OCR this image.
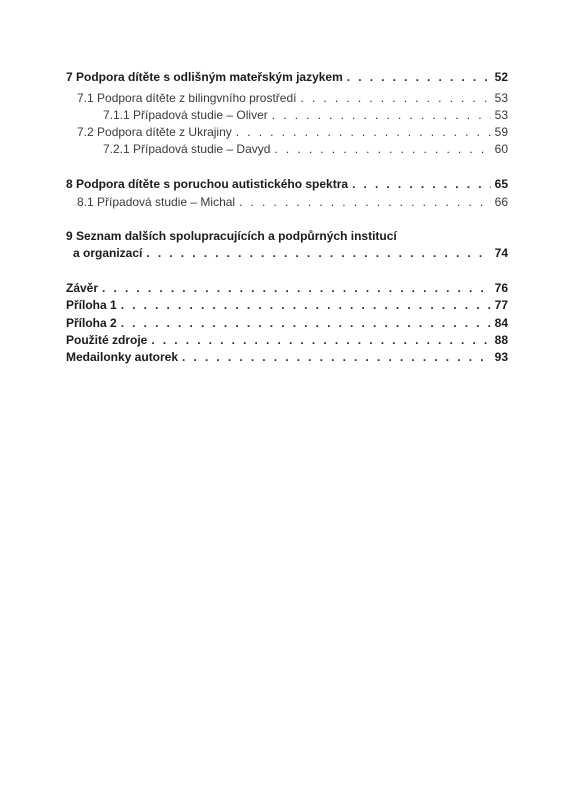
7 Podpora dítěte s odlišným mateřským jazykem . . .	52
7.1 Podpora dítěte z bilingvního prostředí . . .	53
7.1.1 Případová studie – Oliver . . .	53
7.2 Podpora dítěte z Ukrajiny . . .	59
7.2.1 Případová studie – Davyd . . .	60
8 Podpora dítěte s poruchou autistického spektra . . .	65
8.1 Případová studie – Michal . . .	66
9 Seznam dalších spolupracujících a podpůrných institucí
a organizací . . .	74
Závěr . . .	76
Příloha 1 . . .	77
Příloha 2 . . .	84
Použité zdroje . . .	88
Medailonky autorek . . .	93
